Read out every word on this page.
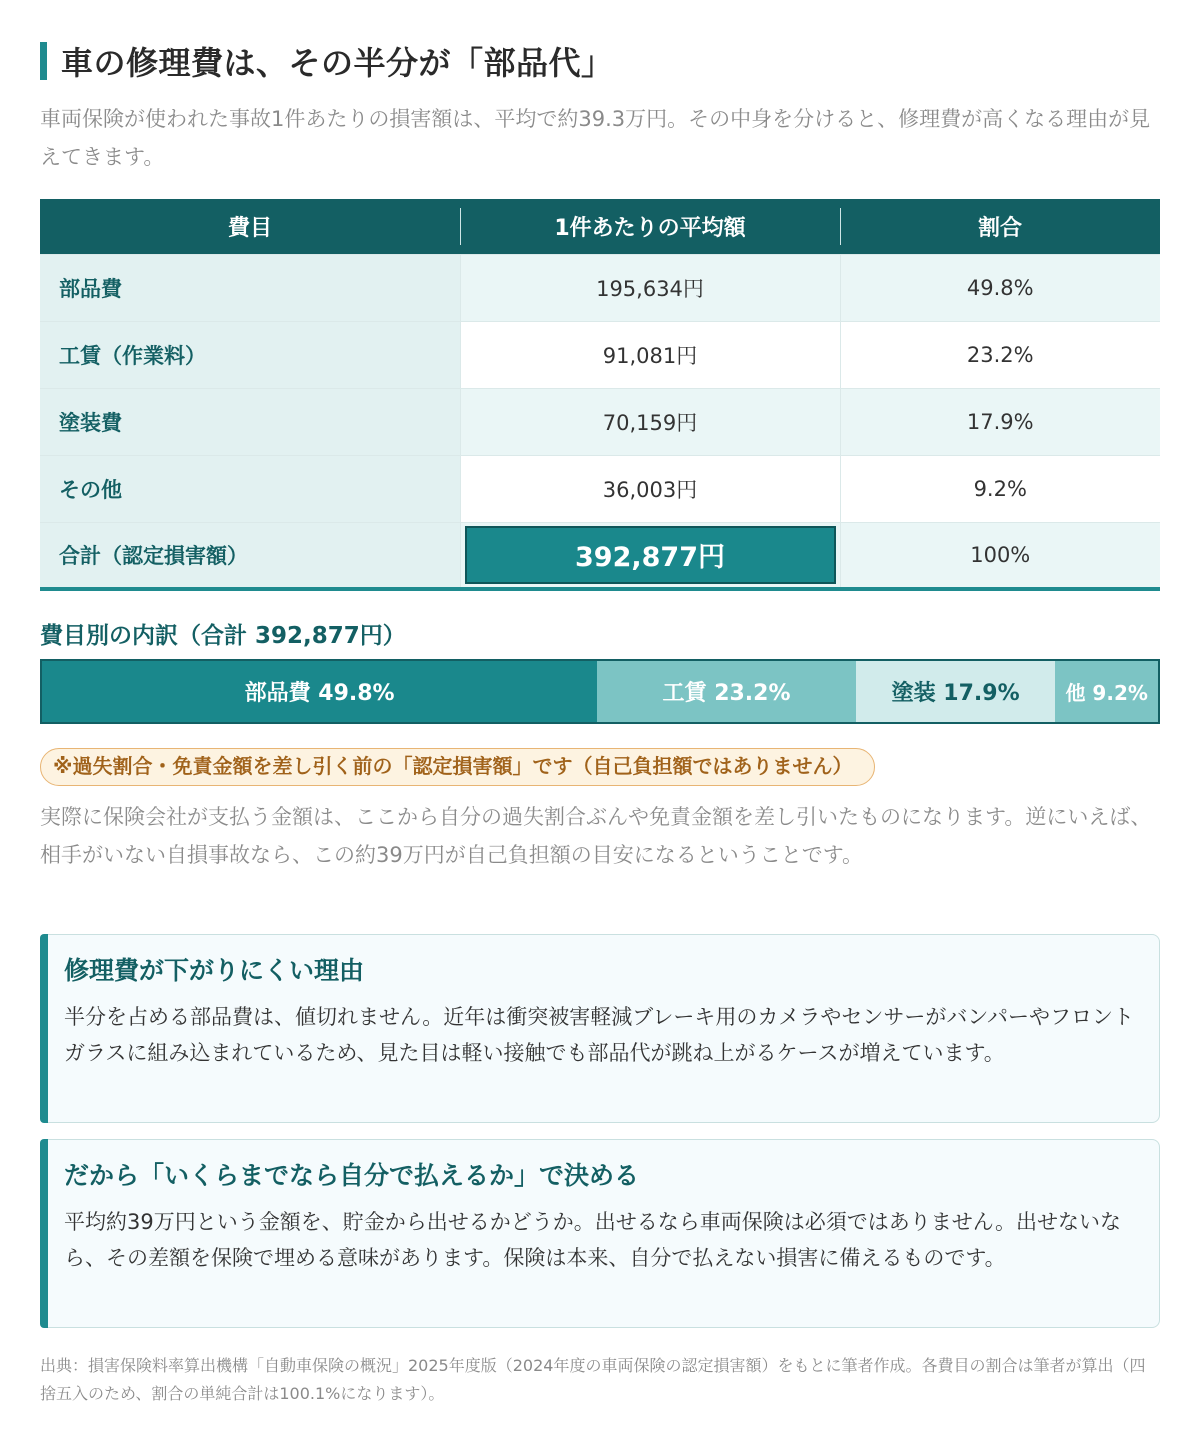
車の修理費は、その半分が「部品代」

車両保険が使われた事故1件あたりの損害額は、平均で約39.3万円。その中身を分けると、修理費が高くなる理由が見えてきます。

費目	1件あたりの平均額	割合
部品費	195,634円	49.8%
工賃（作業料）	91,081円	23.2%
塗装費	70,159円	17.9%
その他	36,003円	9.2%
合計（認定損害額）	392,877円	100%
費目別の内訳（合計 392,877円）
部品費 49.8%	工賃 23.2%	塗装 17.9%	他 9.2%
※過失割合・免責金額を差し引く前の「認定損害額」です（自己負担額ではありません）

実際に保険会社が支払う金額は、ここから自分の過失割合ぶんや免責金額を差し引いたものになります。逆にいえば、相手がいない自損事故なら、この約39万円が自己負担額の目安になるということです。

修理費が下がりにくい理由

半分を占める部品費は、値切れません。近年は衝突被害軽減ブレーキ用のカメラやセンサーがバンパーやフロントガラスに組み込まれているため、見た目は軽い接触でも部品代が跳ね上がるケースが増えています。

だから「いくらまでなら自分で払えるか」で決める

平均約39万円という金額を、貯金から出せるかどうか。出せるなら車両保険は必須ではありません。出せないなら、その差額を保険で埋める意味があります。保険は本来、自分で払えない損害に備えるものです。

出典：損害保険料率算出機構「自動車保険の概況」2025年度版（2024年度の車両保険の認定損害額）をもとに筆者作成。各費目の割合は筆者が算出（四捨五入のため、割合の単純合計は100.1%になります）。
